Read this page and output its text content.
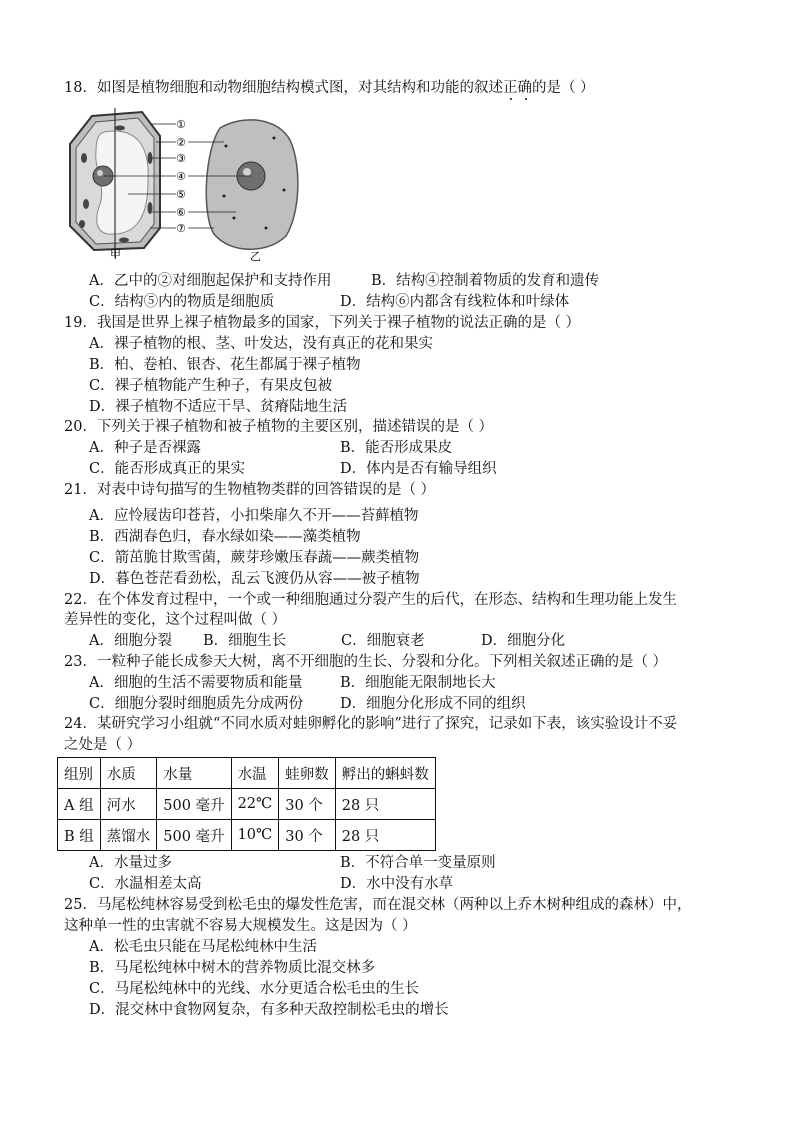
18．如图是植物细胞和动物细胞结构模式图，对其结构和功能的叙述正确的是（ ）
甲	乙
①
②
③
④
⑤
⑥
⑦
A．乙中的②对细胞起保护和支持作用	B．结构④控制着物质的发育和遗传
C．结构⑤内的物质是细胞质	D．结构⑥内都含有线粒体和叶绿体
19．我国是世界上裸子植物最多的国家，下列关于裸子植物的说法正确的是（ ）
A．裸子植物的根、茎、叶发达，没有真正的花和果实
B．柏、卷柏、银杏、花生都属于裸子植物
C．裸子植物能产生种子，有果皮包被
D．裸子植物不适应干旱、贫瘠陆地生活
20．下列关于裸子植物和被子植物的主要区别，描述错误的是（ ）
A．种子是否裸露	B．能否形成果皮
C．能否形成真正的果实	D．体内是否有输导组织
21．对表中诗句描写的生物植物类群的回答错误的是（ ）
A．应怜屐齿印苍苔，小扣柴扉久不开——苔藓植物
B．西湖春色归，春水绿如染——藻类植物
C．箭茁脆甘欺雪菌，蕨芽珍嫩压春蔬——蕨类植物
D．暮色苍茫看劲松，乱云飞渡仍从容——被子植物
22．在个体发育过程中，一个或一种细胞通过分裂产生的后代，在形态、结构和生理功能上发生
差异性的变化，这个过程叫做（ ）
A．细胞分裂 B．细胞生长	C．细胞衰老	D．细胞分化
23．一粒种子能长成参天大树，离不开细胞的生长、分裂和分化。下列相关叙述正确的是（ ）
A．细胞的生活不需要物质和能量	B．细胞能无限制地长大
C．细胞分裂时细胞质先分成两份	D．细胞分化形成不同的组织
24．某研究学习小组就“不同水质对蛙卵孵化的影响”进行了探究，记录如下表，该实验设计不妥
之处是（ ）
组别	水质	水量	水温	蛙卵数	孵出的蝌蚪数
A 组	河水	500 毫升	22℃	30 个	28 只
B 组	蒸馏水	500 毫升	10℃	30 个	28 只
A．水量过多	B．不符合单一变量原则
C．水温相差太高	D．水中没有水草
25．马尾松纯林容易受到松毛虫的爆发性危害，而在混交林（两种以上乔木树种组成的森林）中，
这种单一性的虫害就不容易大规模发生。这是因为（ ）
A．松毛虫只能在马尾松纯林中生活
B．马尾松纯林中树木的营养物质比混交林多
C．马尾松纯林中的光线、水分更适合松毛虫的生长
D．混交林中食物网复杂，有多种天敌控制松毛虫的增长
